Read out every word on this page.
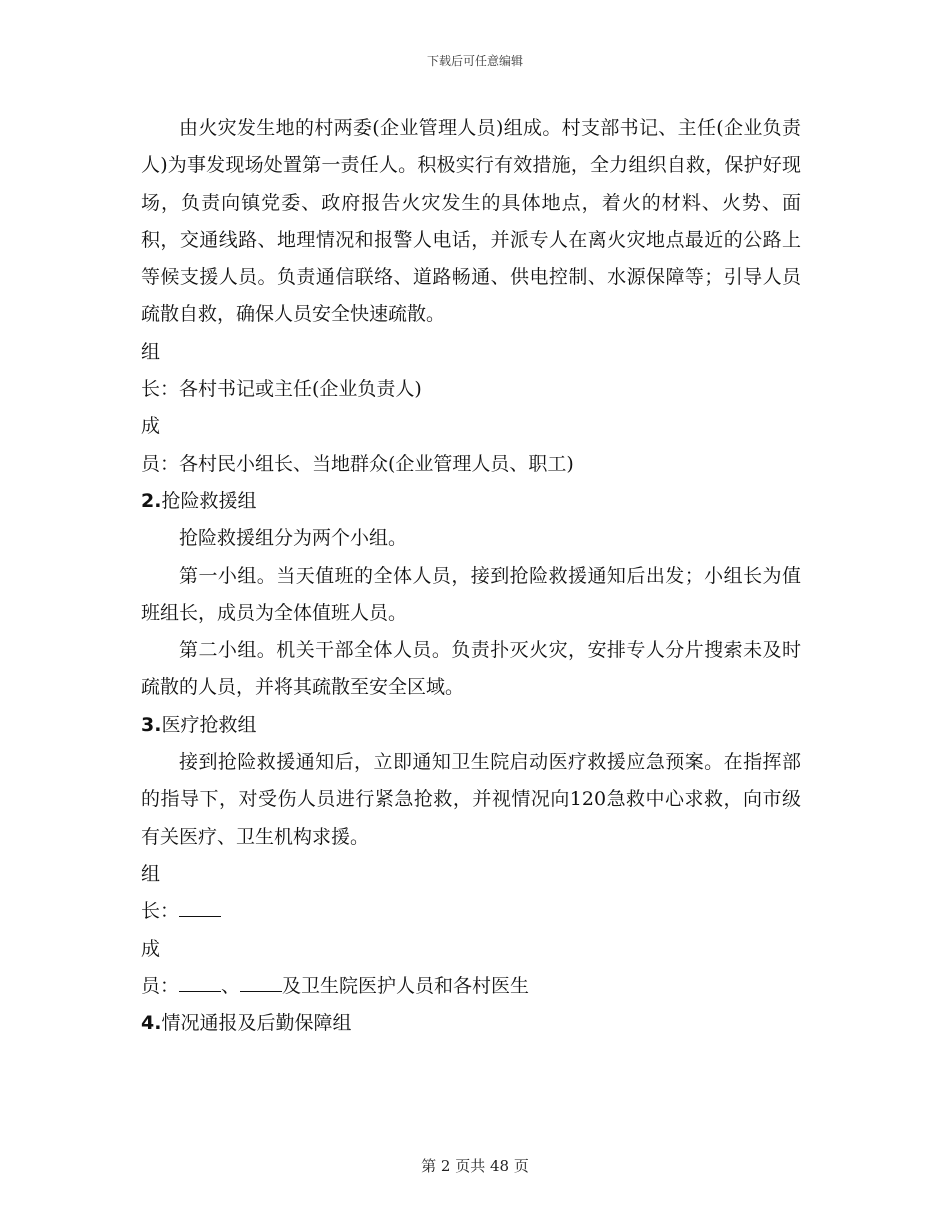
下载后可任意编辑

由火灾发生地的村两委(企业管理人员)组成。村支部书记、主任(企业负责人)为事发现场处置第一责任人。积极实行有效措施，全力组织自救，保护好现场，负责向镇党委、政府报告火灾发生的具体地点，着火的材料、火势、面积，交通线路、地理情况和报警人电话，并派专人在离火灾地点最近的公路上等候支援人员。负责通信联络、道路畅通、供电控制、水源保障等；引导人员疏散自救，确保人员安全快速疏散。

组

长：各村书记或主任(企业负责人)

成

员：各村民小组长、当地群众(企业管理人员、职工)

2.抢险救援组

抢险救援组分为两个小组。

第一小组。当天值班的全体人员，接到抢险救援通知后出发；小组长为值班组长，成员为全体值班人员。

第二小组。机关干部全体人员。负责扑灭火灾，安排专人分片搜索未及时疏散的人员，并将其疏散至安全区域。

3.医疗抢救组

接到抢险救援通知后，立即通知卫生院启动医疗救援应急预案。在指挥部的指导下，对受伤人员进行紧急抢救，并视情况向120急救中心求救，向市级有关医疗、卫生机构求援。

组

长：

成

员： 、 及卫生院医护人员和各村医生

4.情况通报及后勤保障组

第 2 页共 48 页
